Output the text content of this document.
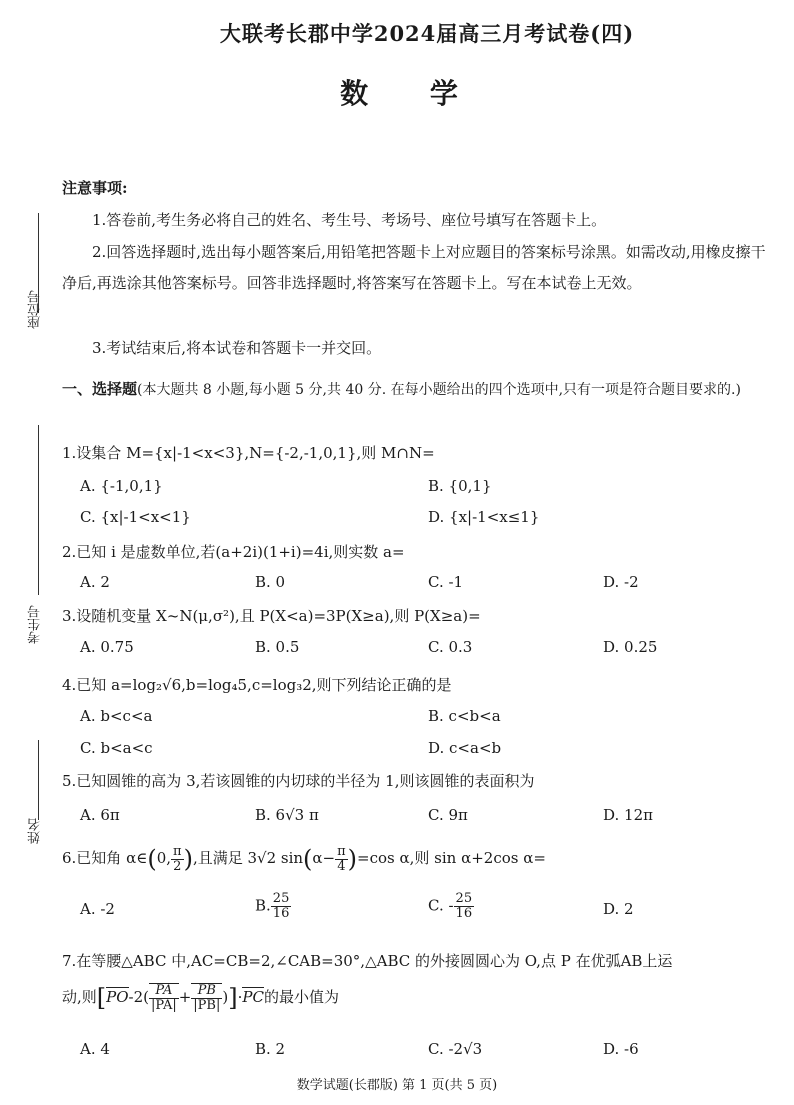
大联考长郡中学2024届高三月考试卷(四)
数 学
座位号
考生号
姓名
注意事项:
1.答卷前,考生务必将自己的姓名、考生号、考场号、座位号填写在答题卡上。
2.回答选择题时,选出每小题答案后,用铅笔把答题卡上对应题目的答案标号涂黑。如需改动,用橡皮擦干净后,再选涂其他答案标号。回答非选择题时,将答案写在答题卡上。写在本试卷上无效。
3.考试结束后,将本试卷和答题卡一并交回。
一、选择题(本大题共 8 小题,每小题 5 分,共 40 分. 在每小题给出的四个选项中,只有一项是符合题目要求的.)
1.设集合 M={x|-1<x<3},N={-2,-1,0,1},则 M∩N=
A. {-1,0,1}	B. {0,1}
C. {x|-1<x<1}	D. {x|-1<x≤1}
2.已知 i 是虚数单位,若(a+2i)(1+i)=4i,则实数 a=
A. 2	B. 0	C. -1	D. -2
3.设随机变量 X~N(μ,σ²),且 P(X<a)=3P(X≥a),则 P(X≥a)=
A. 0.75	B. 0.5	C. 0.3	D. 0.25
4.已知 a=log₂√6,b=log₄5,c=log₃2,则下列结论正确的是
A. b<c<a	B. c<b<a
C. b<a<c	D. c<a<b
5.已知圆锥的高为 3,若该圆锥的内切球的半径为 1,则该圆锥的表面积为
A. 6π	B. 6√3 π	C. 9π	D. 12π
6.已知角 α∈(0, $\frac{\pi}{2}$ ),且满足 3√2 $\sin(\alpha- \frac{\pi}{4} )=\cos$ α,则 sin α+2cos α=
A. -2	B. $\frac{25}{16}$	C. - $\frac{25}{16}$	D. 2
7.在等腰△ABC 中,AC=CB=2,∠CAB=30°,△ABC 的外接圆圆心为 O,点 P 在优弧AB上运
动,则$[PO-2( \frac{PA}{|PA|} + \frac{PB}{|PB|} )]\cdot PC$的最小值为
A. 4	B. 2	C. -2√3	D. -6
数学试题(长郡版) 第 1 页(共 5 页)
